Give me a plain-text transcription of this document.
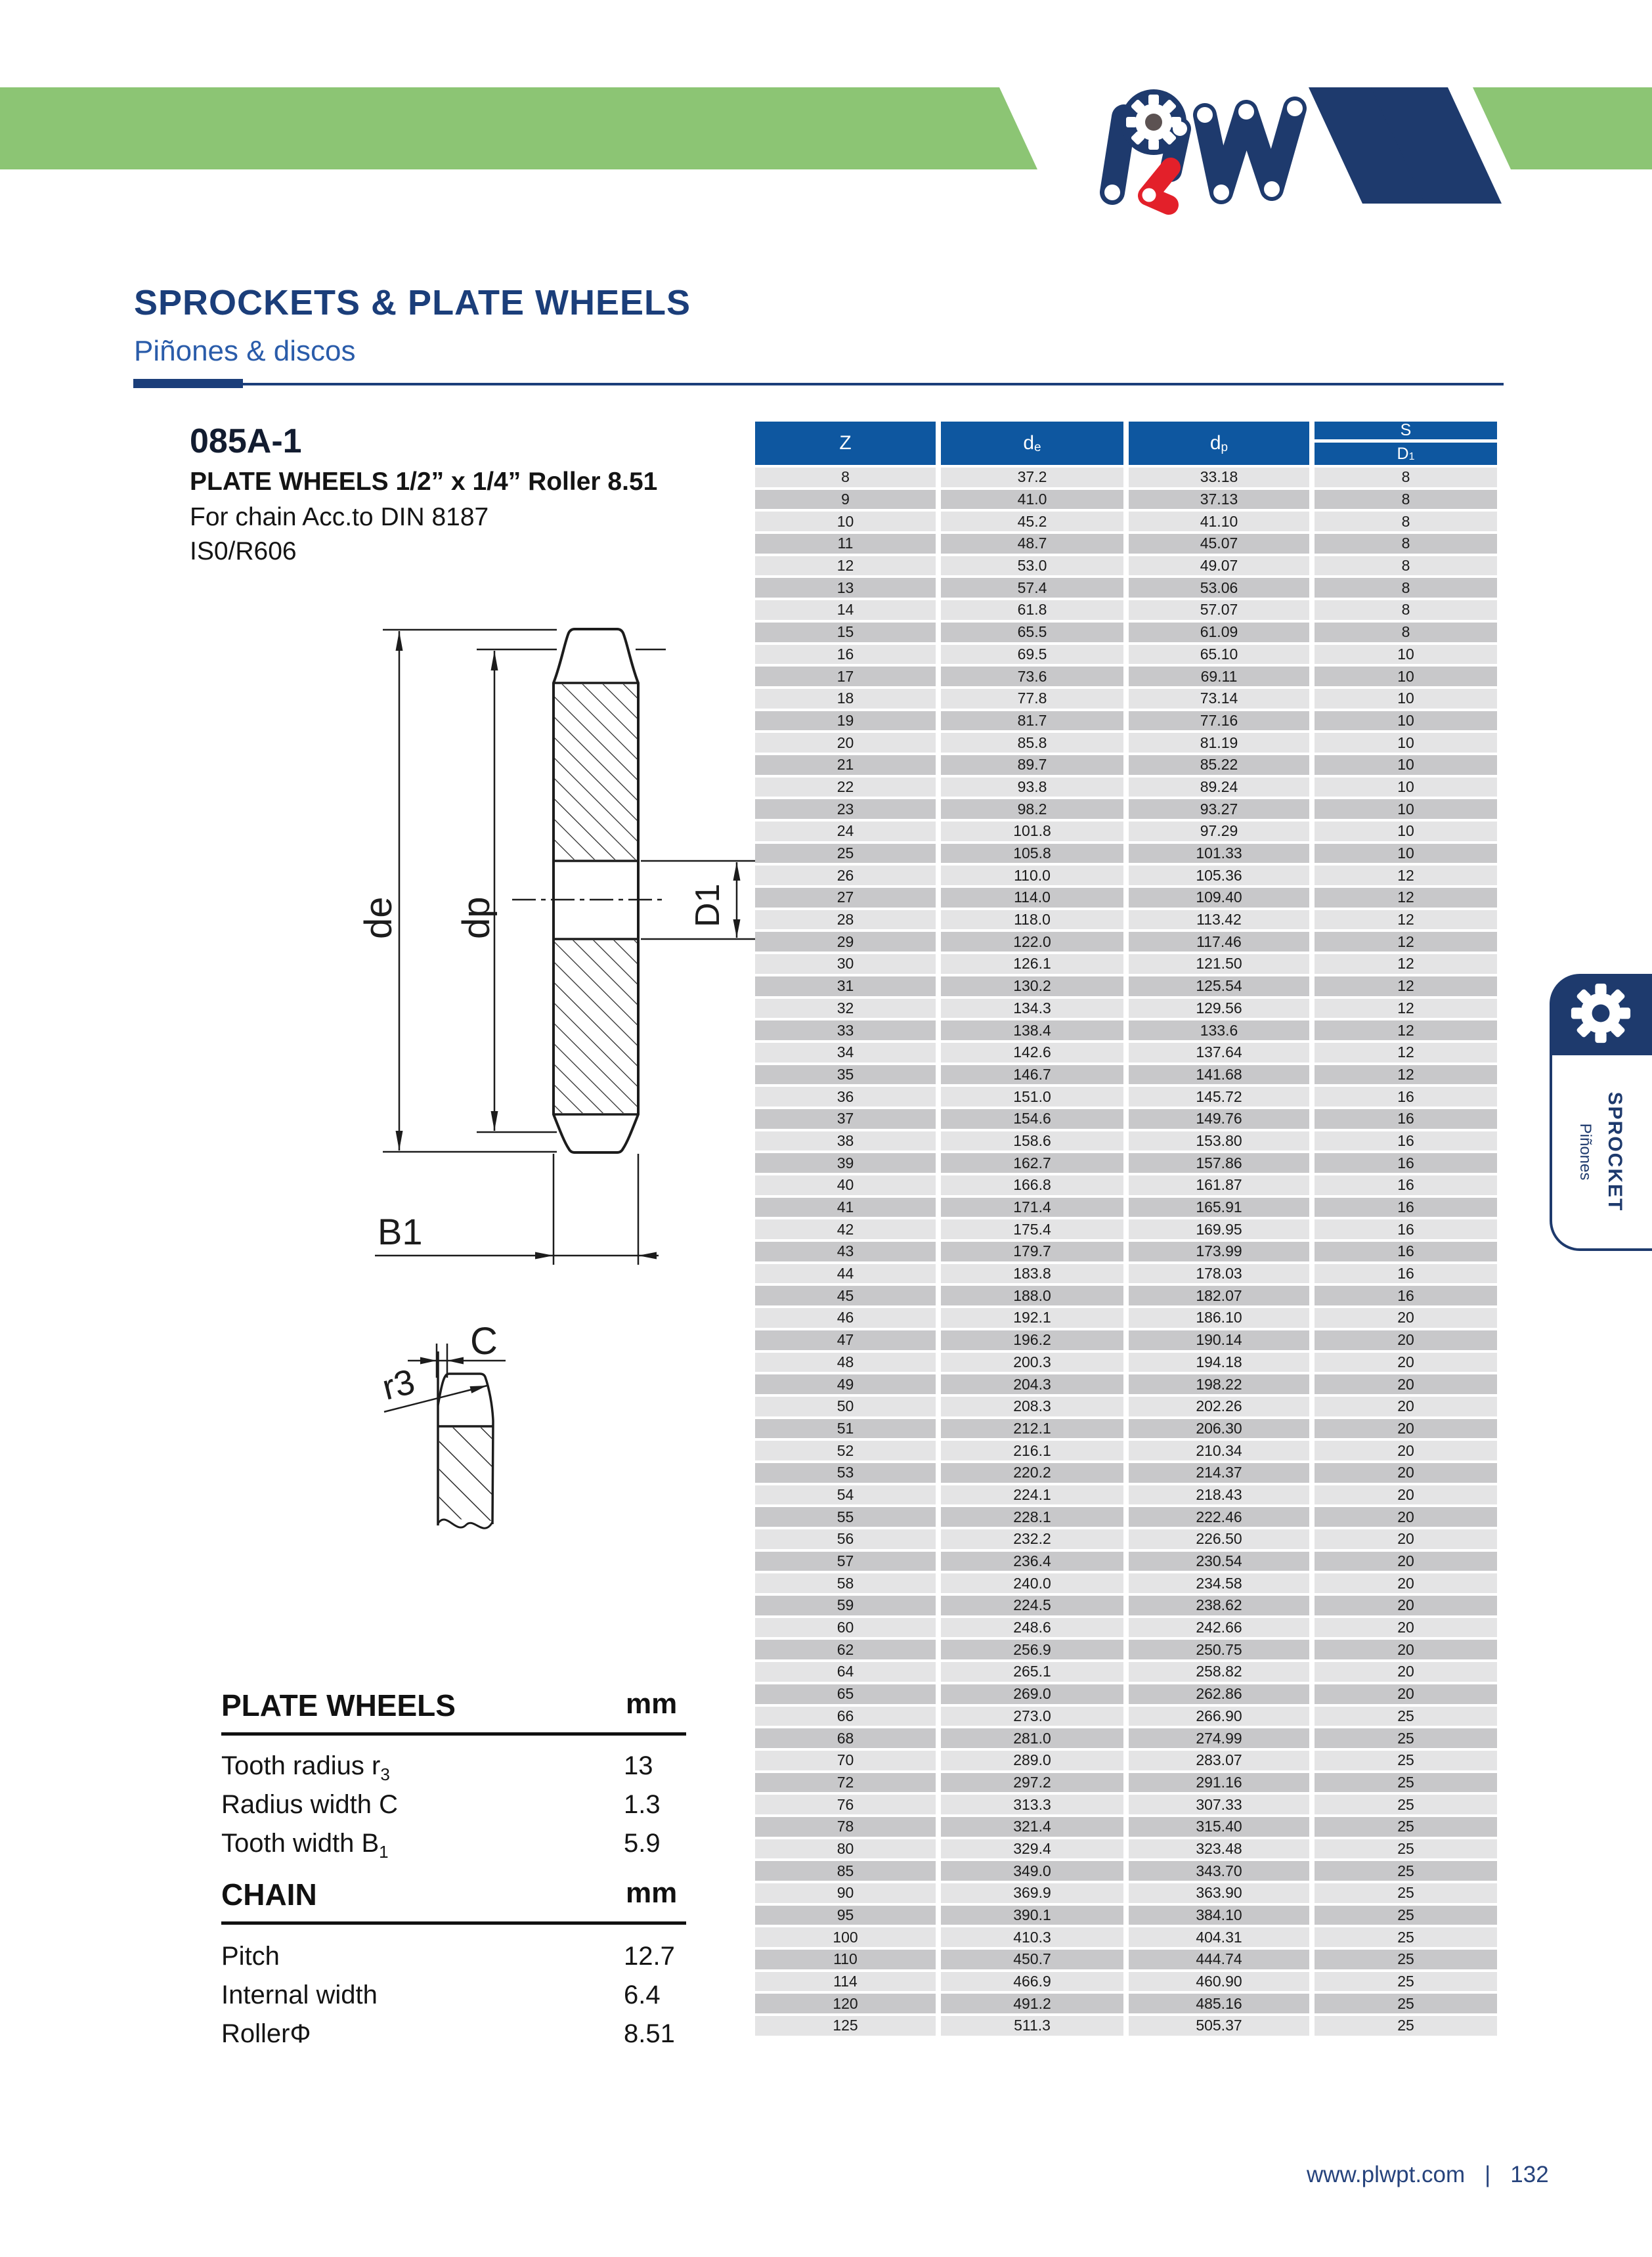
SPROCKETS & PLATE WHEELS
Piñones & discos
085A-1
PLATE WHEELS 1/2” x 1/4” Roller 8.51
For chain Acc.to DIN 8187
IS0/R606
de dp	D1
B1
C
r3
Z	$d_e$	$d_p$
S
$D_1$
8	37.2	33.18	8
9	41.0	37.13	8
10	45.2	41.10	8
11	48.7	45.07	8
12	53.0	49.07	8
13	57.4	53.06	8
14	61.8	57.07	8
15	65.5	61.09	8
16	69.5	65.10	10
17	73.6	69.11	10
18	77.8	73.14	10
19	81.7	77.16	10
20	85.8	81.19	10
21	89.7	85.22	10
22	93.8	89.24	10
23	98.2	93.27	10
24	101.8	97.29	10
25	105.8	101.33	10
26	110.0	105.36	12
27	114.0	109.40	12
28	118.0	113.42	12
29	122.0	117.46	12
30	126.1	121.50	12
31	130.2	125.54	12
32	134.3	129.56	12
33	138.4	133.6	12
34	142.6	137.64	12
35	146.7	141.68	12
36	151.0	145.72	16
37	154.6	149.76	16
38	158.6	153.80	16
39	162.7	157.86	16
40	166.8	161.87	16
41	171.4	165.91	16
42	175.4	169.95	16
43	179.7	173.99	16
44	183.8	178.03	16
45	188.0	182.07	16
46	192.1	186.10	20
47	196.2	190.14	20
48	200.3	194.18	20
49	204.3	198.22	20
50	208.3	202.26	20
51	212.1	206.30	20
52	216.1	210.34	20
53	220.2	214.37	20
54	224.1	218.43	20
55	228.1	222.46	20
56	232.2	226.50	20
57	236.4	230.54	20
58	240.0	234.58	20
59	224.5	238.62	20
60	248.6	242.66	20
62	256.9	250.75	20
64	265.1	258.82	20
65	269.0	262.86	20
66	273.0	266.90	25
68	281.0	274.99	25
70	289.0	283.07	25
72	297.2	291.16	25
76	313.3	307.33	25
78	321.4	315.40	25
80	329.4	323.48	25
85	349.0	343.70	25
90	369.9	363.90	25
95	390.1	384.10	25
100	410.3	404.31	25
110	450.7	444.74	25
114	466.9	460.90	25
120	491.2	485.16	25
125	511.3	505.37	25
PLATE WHEELS	mm
Tooth radius $r_3$	13
Radius width C	1.3
Tooth width $B_1$	5.9
CHAIN	mm
Pitch	12.7
Internal width	6.4
RollerΦ	8.51
SPROCKET
Piñones
www.plwpt.com | 132
